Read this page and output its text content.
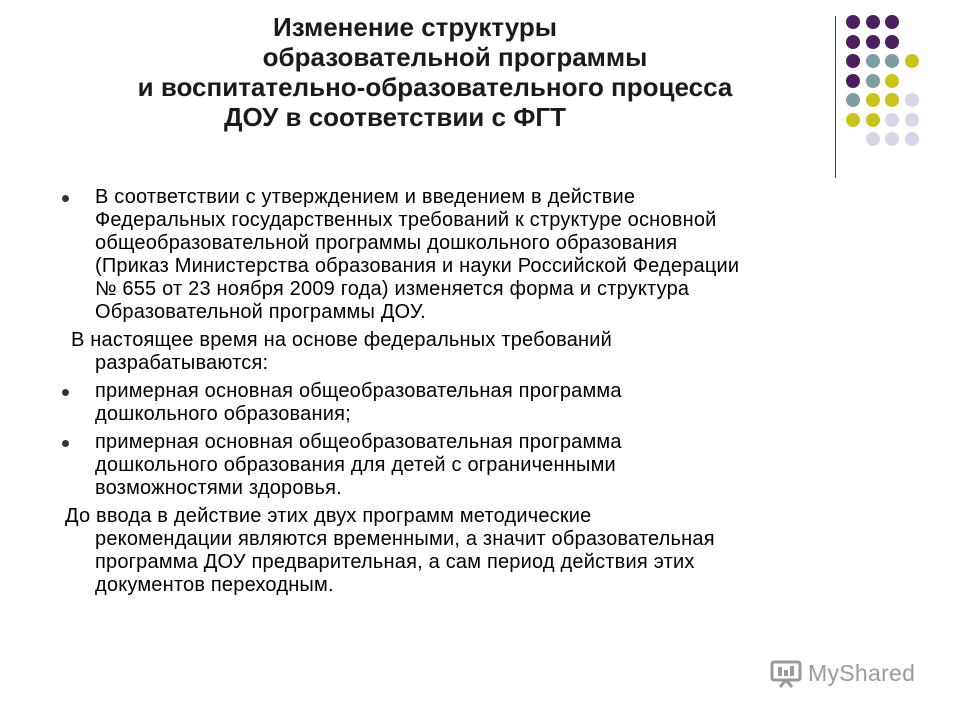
Изменение структуры
образовательной программы
и воспитательно-образовательного процесса
ДОУ в соответствии с ФГТ
В соответствии с утверждением и введением в действие
Федеральных государственных требований к структуре основной
общеобразовательной программы дошкольного образования
(Приказ Министерства образования и науки Российской Федерации
№ 655 от 23 ноября 2009 года) изменяется форма и структура
Образовательной программы ДОУ.
В настоящее время на основе федеральных требований
разрабатываются:
примерная основная общеобразовательная программа
дошкольного образования;
примерная основная общеобразовательная программа
дошкольного образования для детей с ограниченными
возможностями здоровья.
До ввода в действие этих двух программ методические
рекомендации являются временными, а значит образовательная
программа ДОУ предварительная, а сам период действия этих
документов переходным.
MyShared
